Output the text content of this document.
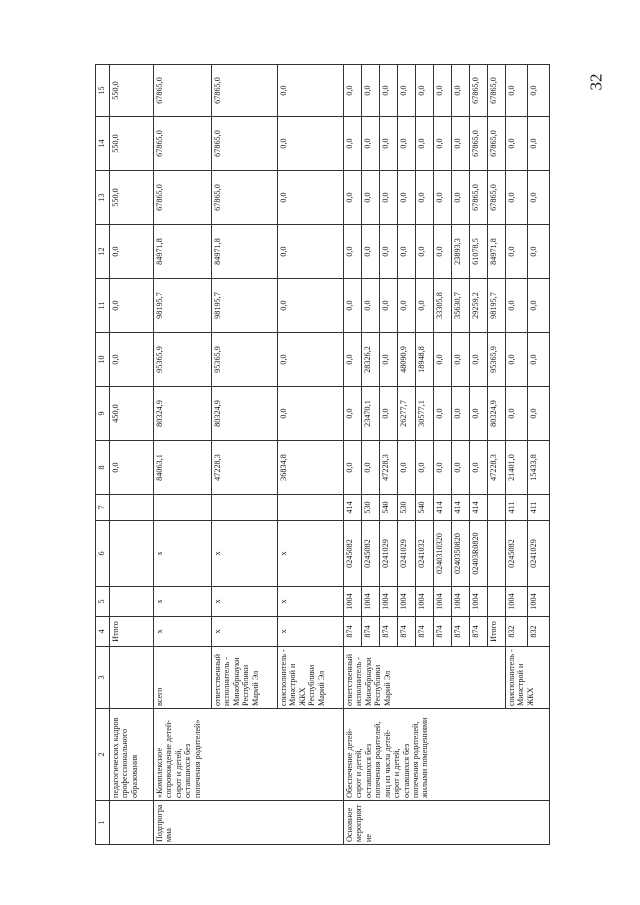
32
1	2	3	4	5	6	7	8	9	10	11	12	13	14	15
	педагогических кадров профессионального образования		Итого				0,0	450,0	0,0	0,0	0,0	550,0	550,0	550,0
Подпрограмма	«Комплексное сопровождение детей-сирот и детей, оставшихся без попечения родителей»	всего	х	х	х		84063,1	80324,9	95365,9	98195,7	84971,8	67865,0	67865,0	67865,0
		ответственный исполнитель - Минобрнауки Республики Марий Эл	х	х	х		47228,3	80324,9	95365,9	98195,7	84971,8	67865,0	67865,0	67865,0
		соисполнитель - Минстрой и ЖКХ Республики Марий Эл	х	х	х		36834,8	0,0	0,0	0,0	0,0	0,0	0,0	0,0
Основное мероприятие	Обеспечение детей-сирот и детей, оставшихся без попечения родителей, лиц из числа детей-сирот и детей, оставшихся без попечения родителей, жилыми помещениями	ответственный исполнитель - Минобрнауки Республики Марий Эл	874	1004	0245082	414	0,0	0,0	0,0	0,0	0,0	0,0	0,0	0,0
			874	1004	0245082	530	0,0	23470,1	28326,2	0,0	0,0	0,0	0,0	0,0
			874	1004	0241029	540	47228,3	0,0	0,0	0,0	0,0	0,0	0,0	0,0
			874	1004	0241029	530	0,0	26277,7	48090,9	0,0	0,0	0,0	0,0	0,0
			874	1004	0241032	540	0,0	30577,1	18948,8	0,0	0,0	0,0	0,0	0,0
			874	1004	0240310320	414	0,0	0,0	0,0	33305,8	0,0	0,0	0,0	0,0
			874	1004	0240350820	414	0,0	0,0	0,0	35630,7	23893,3	0,0	0,0	0,0
			874	1004	02403R0820	414	0,0	0,0	0,0	29259,2	61078,5	67865,0	67865,0	67865,0
			Итого				47228,3	80324,9	95365,9	98195,7	84971,8	67865,0	67865,0	67865,0
		соисполнитель - Минстрой и ЖКХ	832	1004	0245082	411	21401,0	0,0	0,0	0,0	0,0	0,0	0,0	0,0
			832	1004	0241029	411	15433,8	0,0	0,0	0,0	0,0	0,0	0,0	0,0
